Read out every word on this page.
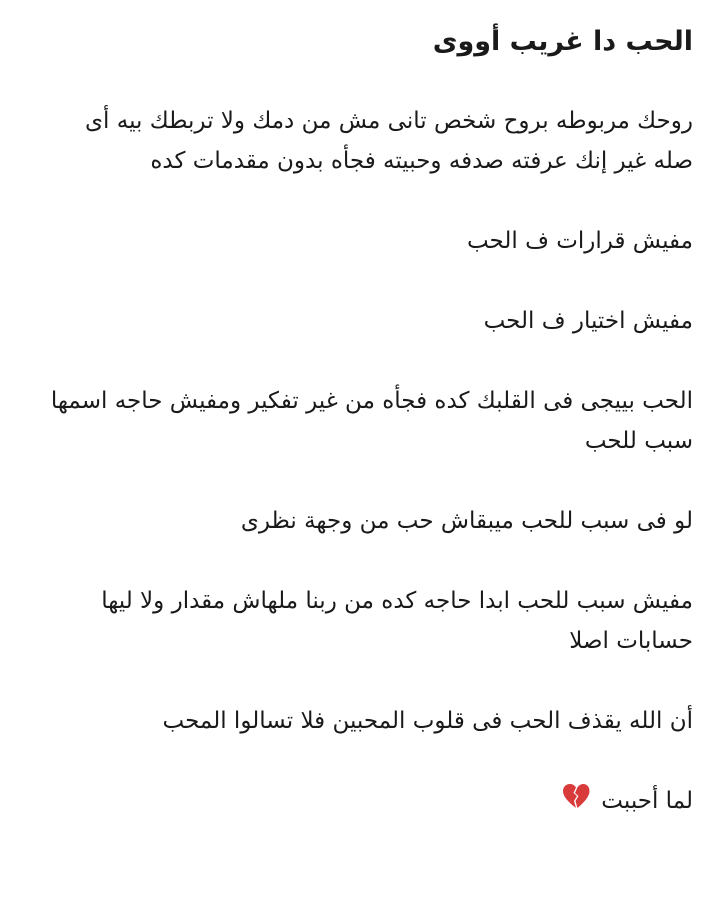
الحب دا غريب أووى
روحك مربوطه بروح شخص تانى مش من دمك ولا تربطك بيه أى صله غير إنك عرفته صدفه وحبيته فجأه بدون مقدمات كده
مفيش قرارات ف الحب
مفيش اختيار ف الحب
الحب بييجى فى القلبك كده فجأه من غير تفكير ومفيش حاجه اسمها سبب للحب
لو فى سبب للحب ميبقاش حب من وجهة نظرى
مفيش سبب للحب ابدا حاجه كده من ربنا ملهاش مقدار ولا ليها حسابات اصلا
أن الله يقذف الحب فى قلوب المحبين فلا تسالوا المحب
لما أحببت
